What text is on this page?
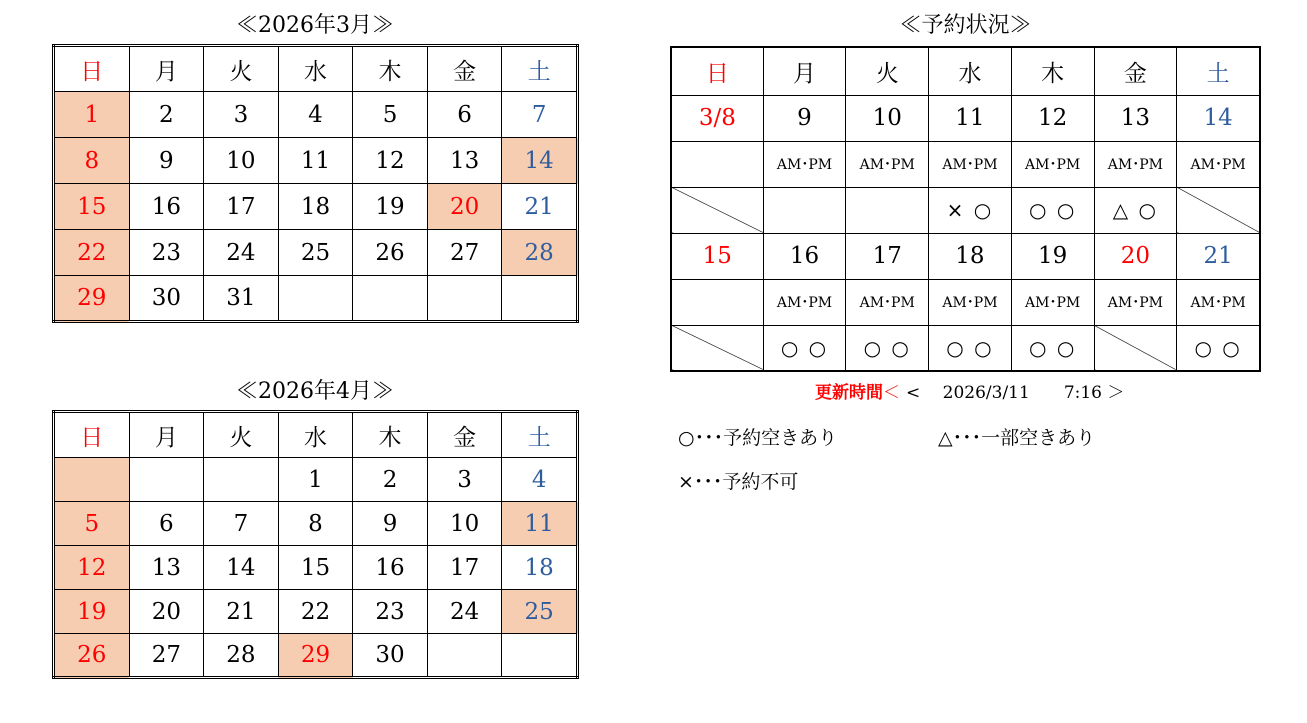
≪2026年3月≫
日	月	火	水	木	金	土
1	2	3	4	5	6	7
8	9	10	11	12	13	14
15	16	17	18	19	20	21
22	23	24	25	26	27	28
29	30	31				
≪2026年4月≫
日	月	火	水	木	金	土
			1	2	3	4
5	6	7	8	9	10	11
12	13	14	15	16	17	18
19	20	21	22	23	24	25
26	27	28	29	30		
≪予約状況≫
日	月	火	水	木	金	土
3/8	9	10	11	12	13	14
	AM･PM	AM･PM	AM･PM	AM･PM	AM･PM	AM･PM
			× ○	○ ○	△ ○	
15	16	17	18	19	20	21
	AM･PM	AM･PM	AM･PM	AM･PM	AM･PM	AM･PM
	○ ○	○ ○	○ ○	○ ○		○ ○
更新時間＜ <　 2026/3/11　　7:16 ＞
○･･･予約空きあり	△･･･一部空きあり
×･･･予約不可
